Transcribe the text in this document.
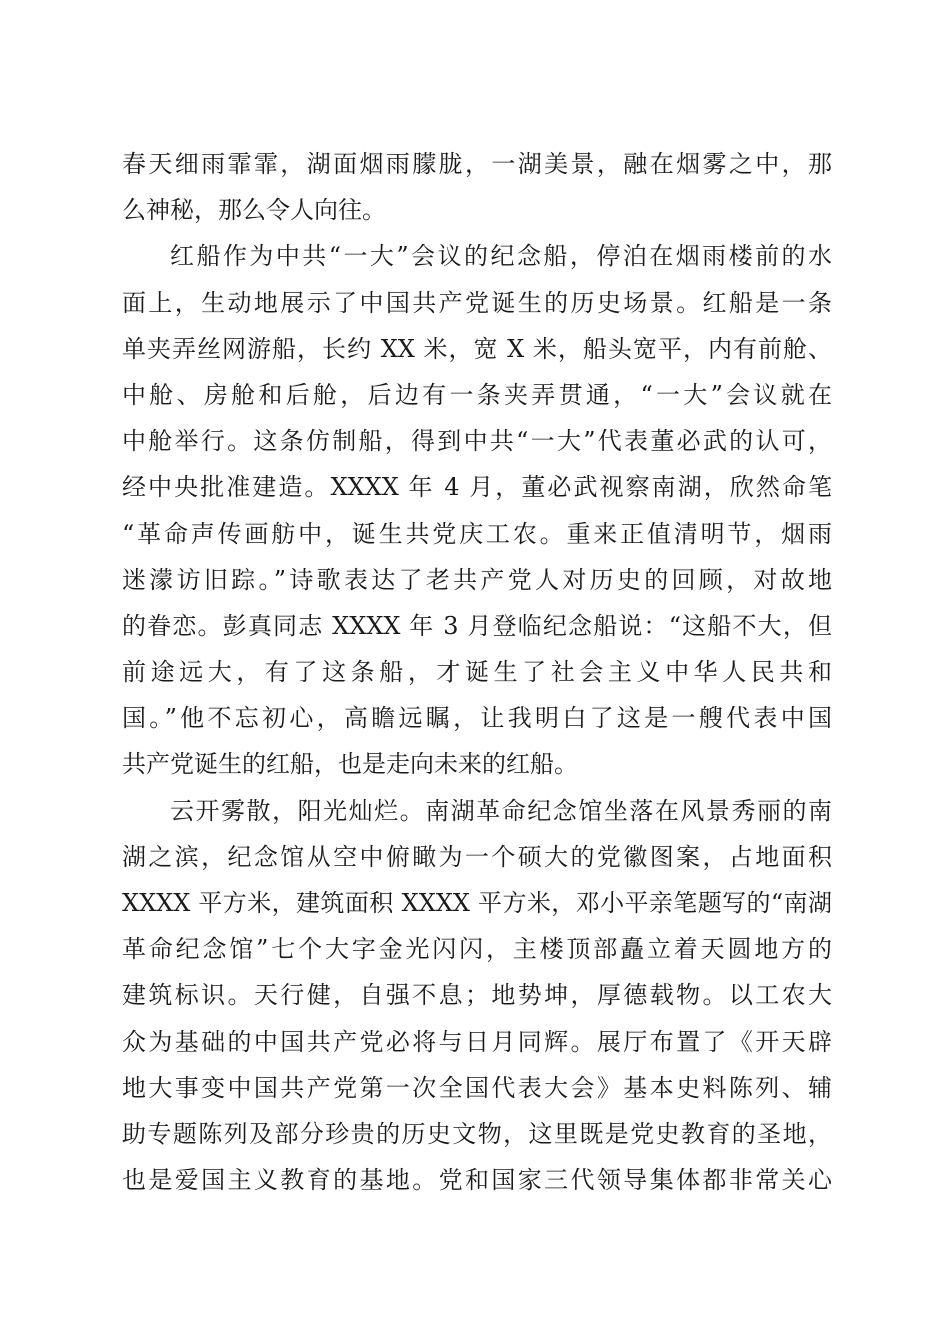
春天细雨霏霏，湖面烟雨朦胧，一湖美景，融在烟雾之中，那
么神秘，那么令人向往。
红船作为中共“一大”会议的纪念船，停泊在烟雨楼前的水
面上，生动地展示了中国共产党诞生的历史场景。红船是一条
单夹弄丝网游船，长约 XX 米，宽 X 米，船头宽平，内有前舱、
中舱、房舱和后舱，后边有一条夹弄贯通，“一大”会议就在
中舱举行。这条仿制船，得到中共“一大”代表董必武的认可，
经中央批准建造。XXXX 年 4 月，董必武视察南湖，欣然命笔
“革命声传画舫中，诞生共党庆工农。重来正值清明节，烟雨
迷濛访旧踪。”诗歌表达了老共产党人对历史的回顾，对故地
的眷恋。彭真同志 XXXX 年 3 月登临纪念船说：“这船不大，但
前途远大，有了这条船，才诞生了社会主义中华人民共和
国。”他不忘初心，高瞻远瞩，让我明白了这是一艘代表中国
共产党诞生的红船，也是走向未来的红船。
云开雾散，阳光灿烂。南湖革命纪念馆坐落在风景秀丽的南
湖之滨，纪念馆从空中俯瞰为一个硕大的党徽图案，占地面积
XXXX 平方米，建筑面积 XXXX 平方米，邓小平亲笔题写的“南湖
革命纪念馆”七个大字金光闪闪，主楼顶部矗立着天圆地方的
建筑标识。天行健，自强不息；地势坤，厚德载物。以工农大
众为基础的中国共产党必将与日月同辉。展厅布置了《开天辟
地大事变中国共产党第一次全国代表大会》基本史料陈列、辅
助专题陈列及部分珍贵的历史文物，这里既是党史教育的圣地，
也是爱国主义教育的基地。党和国家三代领导集体都非常关心
